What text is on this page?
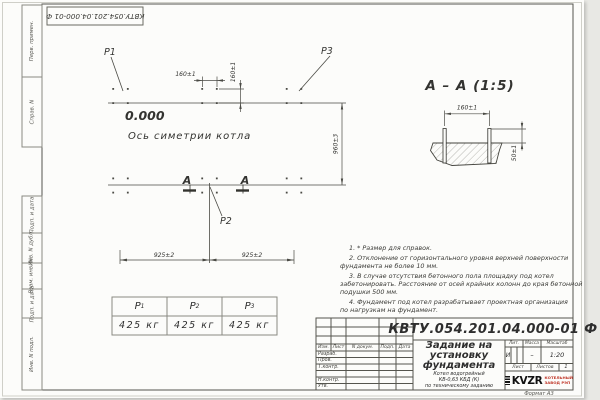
P1	P3
P2
0.000
Ось симетрии котла
А	А
160±1	160±1
925±2	925±2
960±3
А – А (1:5)
160±1
50±1
КВТУ.054.201.04.000-01 Ф
Перв. примен.
Справ. N
Подп. и дата
Инв. N дубл.
Взам. инв. N
Подп. и дата
Инв. N подл.
1. * Размер для справок.
2. Отклонение от горизонтального уровня верхней поверхности
фундамента не более 10 мм.
3. В случае отсутствия бетонного пола площадку под котел
забетонировать. Расстояние от осей крайних колонн до края бетонной
подушки 500 мм.
4. Фундамент под котел разрабатывает проектная организация
по нагрузкам на фундамент.
Р 1	Р 2	Р 3
425 кг	425 кг	425 кг	КВТУ.054.201.04.000-01 Ф
Изм. Лист	N докум.	Подп. Дата
Разраб.
Пров.
Т.контр.
Н.контр.
Утв.
Задание на
установку
фундамента
Котел водогрейный
КВ-0,63 КБД (К)
по техническому заданию
Лит.	Масса	Масштаб
И	–	1:20
Лист	Листов	1
KVZR КОТЕЛЬНЫЙ
ЗАВОД РЭП
Формат А3
